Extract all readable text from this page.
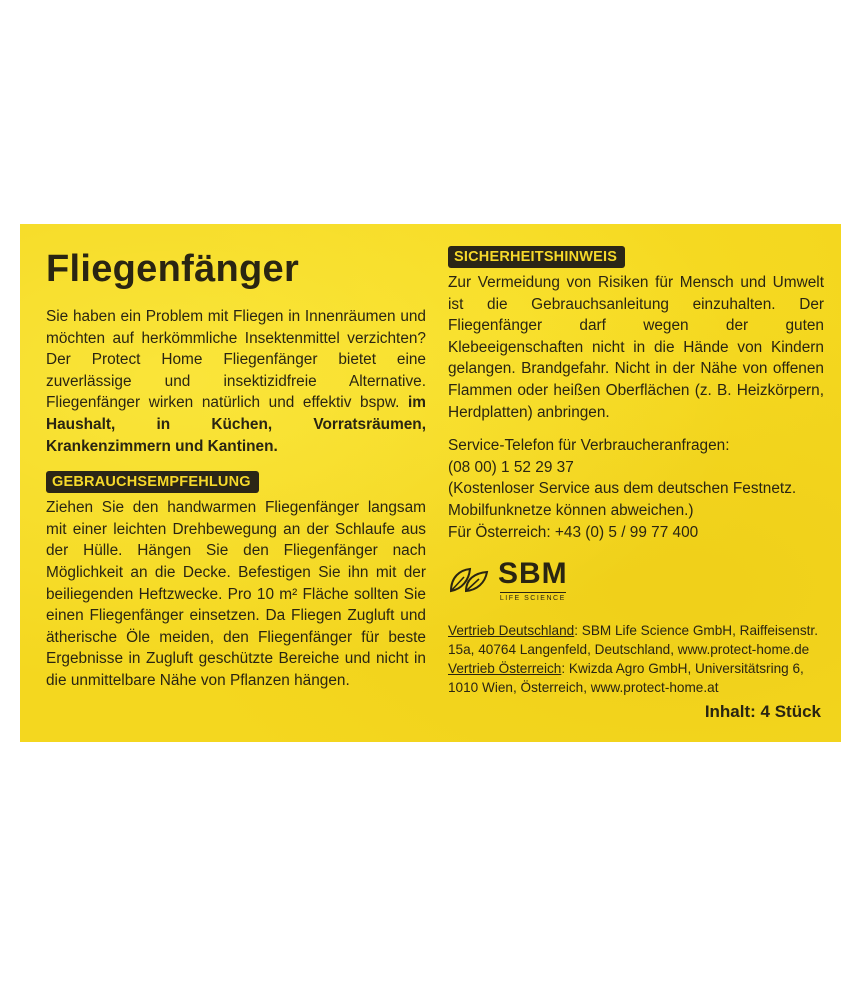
Fliegenfänger

Sie haben ein Problem mit Fliegen in Innenräumen und möchten auf herkömmliche Insektenmittel verzichten? Der Protect Home Fliegenfänger bietet eine zuverlässige und insektizidfreie Alternative. Fliegenfänger wirken natürlich und effektiv bspw. im Haushalt, in Küchen, Vorratsräumen, Krankenzimmern und Kantinen.

GEBRAUCHSEMPFEHLUNG

Ziehen Sie den handwarmen Fliegenfänger langsam mit einer leichten Drehbewegung an der Schlaufe aus der Hülle. Hängen Sie den Fliegenfänger nach Möglichkeit an die Decke. Befestigen Sie ihn mit der beiliegenden Heftzwecke. Pro 10 m² Fläche sollten Sie einen Fliegenfänger einsetzen. Da Fliegen Zugluft und ätherische Öle meiden, den Fliegenfänger für beste Ergebnisse in Zugluft geschützte Bereiche und nicht in die unmittelbare Nähe von Pflanzen hängen.

SICHERHEITSHINWEIS

Zur Vermeidung von Risiken für Mensch und Umwelt ist die Gebrauchsanleitung einzuhalten. Der Fliegenfänger darf wegen der guten Klebeeigenschaften nicht in die Hände von Kindern gelangen. Brandgefahr. Nicht in der Nähe von offenen Flammen oder heißen Oberflächen (z. B. Heizkörpern, Herdplatten) anbringen.

Service-Telefon für Verbraucheranfragen:
(08 00) 1 52 29 37
(Kostenloser Service aus dem deutschen Festnetz.
Mobilfunknetze können abweichen.)
Für Österreich: +43 (0) 5 / 99 77 400
SBM
LIFE SCIENCE
Vertrieb Deutschland: SBM Life Science GmbH, Raiffeisenstr. 15a, 40764 Langenfeld, Deutschland, www.protect-home.de
Vertrieb Österreich: Kwizda Agro GmbH, Universitätsring 6, 1010 Wien, Österreich, www.protect-home.at
Inhalt: 4 Stück
